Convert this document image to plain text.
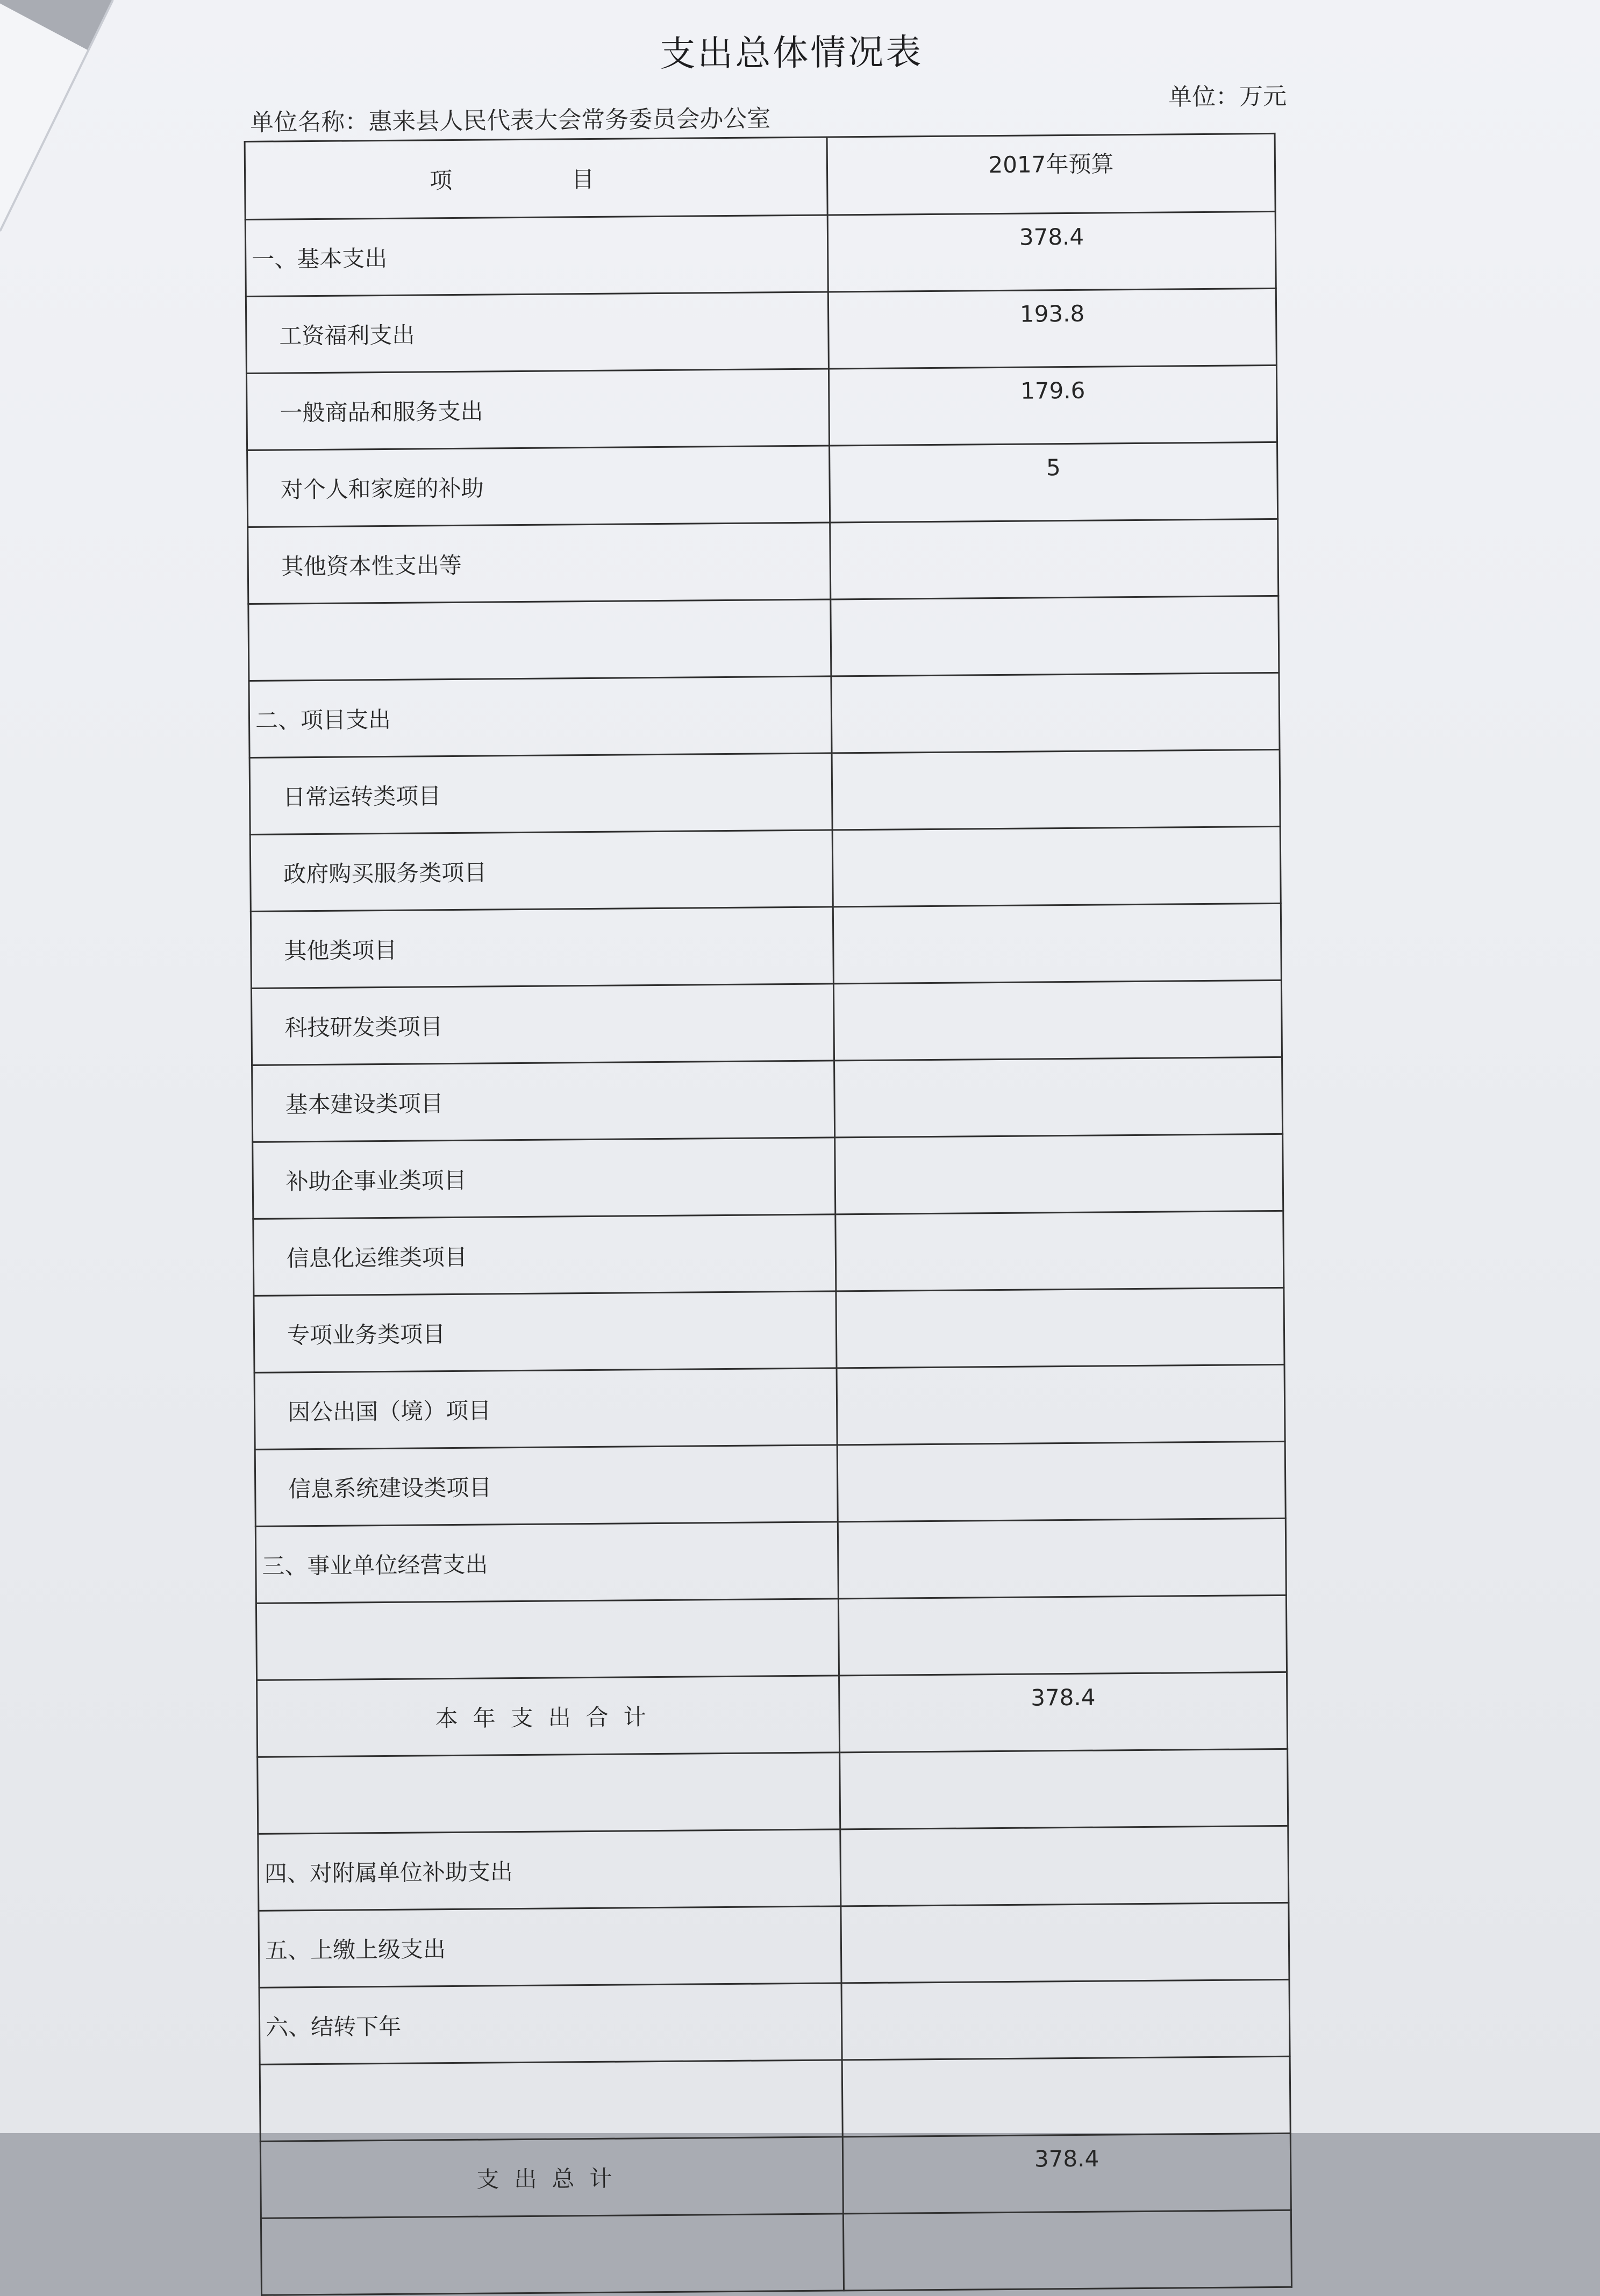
支出总体情况表
单位名称：惠来县人民代表大会常务委员会办公室
单位：万元
项　目	2017年预算
一、基本支出	378.4
工资福利支出	193.8
一般商品和服务支出	179.6
对个人和家庭的补助	5
其他资本性支出等	

二、项目支出	
日常运转类项目	
政府购买服务类项目	
其他类项目	
科技研发类项目	
基本建设类项目	
补助企事业类项目	
信息化运维类项目	
专项业务类项目	
因公出国（境）项目	
信息系统建设类项目	
三、事业单位经营支出	

本年支出合计	378.4

四、对附属单位补助支出	
五、上缴上级支出	
六、结转下年	

支出总计	378.4
